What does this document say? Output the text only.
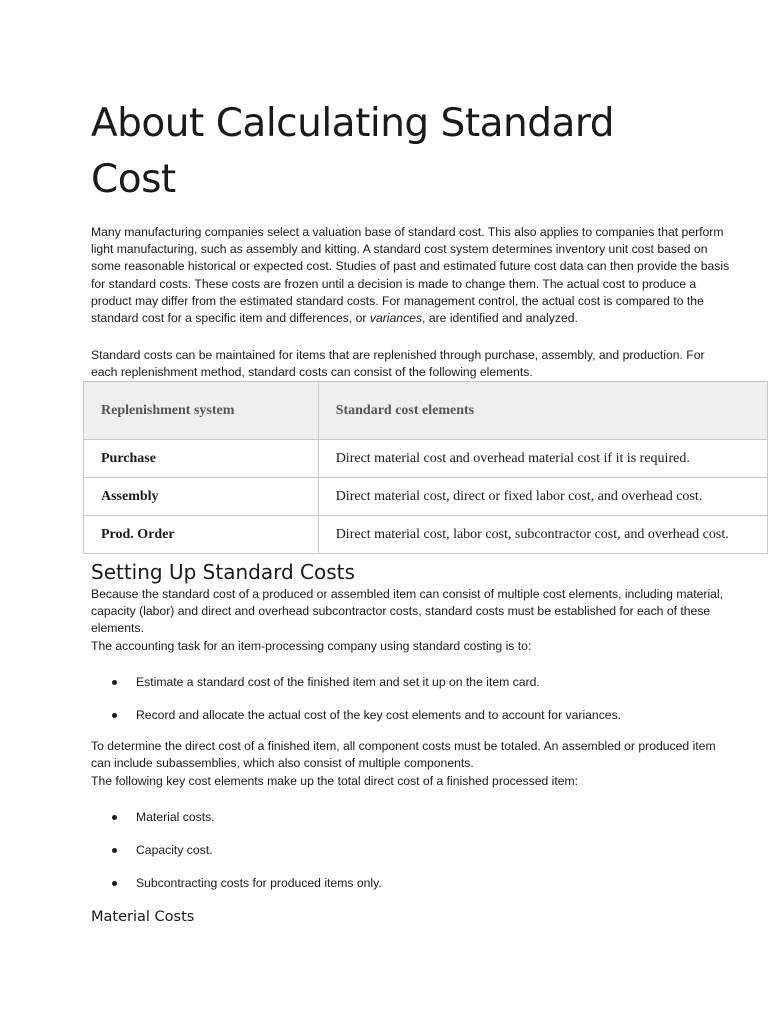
About Calculating Standard Cost

Many manufacturing companies select a valuation base of standard cost. This also applies to companies that perform light manufacturing, such as assembly and kitting. A standard cost system determines inventory unit cost based on some reasonable historical or expected cost. Studies of past and estimated future cost data can then provide the basis for standard costs. These costs are frozen until a decision is made to change them. The actual cost to produce a product may differ from the estimated standard costs. For management control, the actual cost is compared to the standard cost for a specific item and differences, or variances, are identified and analyzed.

Standard costs can be maintained for items that are replenished through purchase, assembly, and production. For each replenishment method, standard costs can consist of the following elements.

Replenishment system	Standard cost elements
Purchase	Direct material cost and overhead material cost if it is required.
Assembly	Direct material cost, direct or fixed labor cost, and overhead cost.
Prod. Order	Direct material cost, labor cost, subcontractor cost, and overhead cost.
Setting Up Standard Costs

Because the standard cost of a produced or assembled item can consist of multiple cost elements, including material, capacity (labor) and direct and overhead subcontractor costs, standard costs must be established for each of these elements.

The accounting task for an item-processing company using standard costing is to:

Estimate a standard cost of the finished item and set it up on the item card.
Record and allocate the actual cost of the key cost elements and to account for variances.

To determine the direct cost of a finished item, all component costs must be totaled. An assembled or produced item can include subassemblies, which also consist of multiple components.

The following key cost elements make up the total direct cost of a finished processed item:

Material costs.
Capacity cost.
Subcontracting costs for produced items only.
Material Costs
